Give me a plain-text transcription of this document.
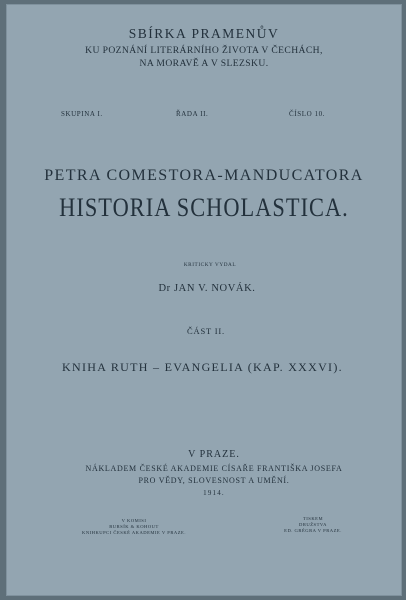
SBÍRKA PRAMENŮV
KU POZNÁNÍ LITERÁRNÍHO ŽIVOTA V ČECHÁCH,
NA MORAVĚ A V SLEZSKU.
SKUPINA I.	ŘADA II.	ČÍSLO 10.
PETRA COMESTORA-MANDUCATORA
HISTORIA SCHOLASTICA.
KRITICKY VYDAL
Dr JAN V. NOVÁK.
ČÁST II.
KNIHA RUTH – EVANGELIA (KAP. XXXVI).
V PRAZE.
NÁKLADEM ČESKÉ AKADEMIE CÍSAŘE FRANTIŠKA JOSEFA
PRO VĚDY, SLOVESNOST A UMĚNÍ.
1914.
V KOMISI
BURSÍK & KOHOUT
KNIHKUPCI ČESKÉ AKADEMIE V PRAZE.
TISKEM
DRUŽSTVA
ED. GRÉGRA V PRAZE.
